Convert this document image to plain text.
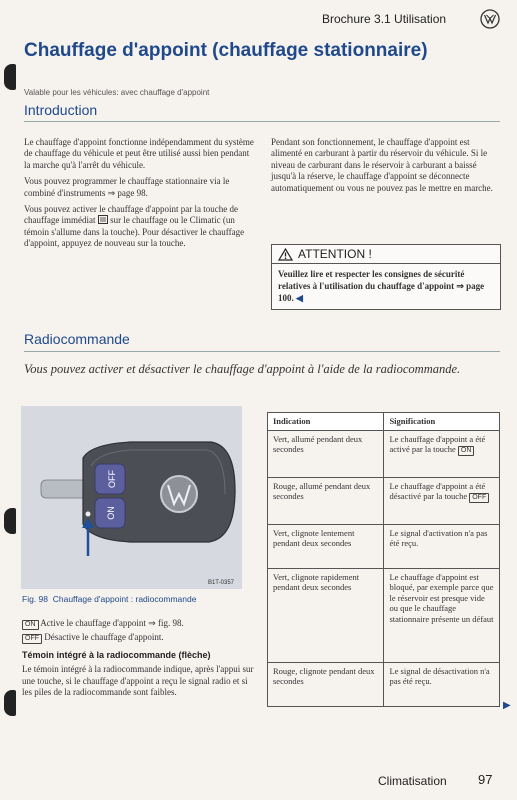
Brochure 3.1 Utilisation
Chauffage d'appoint (chauffage stationnaire)
Valable pour les véhicules: avec chauffage d'appoint
Introduction

Le chauffage d'appoint fonctionne indépendamment du système de chauffage du véhicule et peut être utilisé aussi bien pendant la marche qu'à l'arrêt du véhicule.

Vous pouvez programmer le chauffage stationnaire via le combiné d'instruments ⇒ page 98.

Vous pouvez activer le chauffage d'appoint par la touche de chauffage immédiat sur le chauffage ou le Climatic (un témoin s'allume dans la touche). Pour désactiver le chauffage d'appoint, appuyez de nouveau sur la touche.

Pendant son fonctionnement, le chauffage d'appoint est alimenté en carburant à partir du réservoir du véhicule. Si le niveau de carburant dans le réservoir à carburant a baissé jusqu'à la réserve, le chauffage d'appoint se déconnecte automatiquement ou vous ne pouvez pas le mettre en marche.

ATTENTION !
Veuillez lire et respecter les consignes de sécurité relatives à l'utilisation du chauffage d'appoint ⇒ page 100. ◀
Radiocommande
Vous pouvez activer et désactiver le chauffage d'appoint à l'aide de la radiocommande.
OFF
ON
B1T-0357
Fig. 98 Chauffage d'appoint : radiocommande

ON Active le chauffage d'appoint ⇒ fig. 98.

OFF Désactive le chauffage d'appoint.

Témoin intégré à la radiocommande (flèche)

Le témoin intégré à la radiocommande indique, après l'appui sur une touche, si le chauffage d'appoint a reçu le signal radio et si les piles de la radiocommande sont faibles.

Indication	Signification
Vert, allumé pendant deux secondes	Le chauffage d'appoint a été activé par la touche ON
Rouge, allumé pendant deux secondes	Le chauffage d'appoint a été désactivé par la touche OFF
Vert, clignote lentement pendant deux secondes	Le signal d'activation n'a pas été reçu.
Vert, clignote rapidement pendant deux secondes	Le chauffage d'appoint est bloqué, par exemple parce que le réservoir est presque vide ou que le chauffage stationnaire présente un défaut
Rouge, clignote pendant deux secondes	Le signal de désactivation n'a pas été reçu.
▶
Climatisation 97
